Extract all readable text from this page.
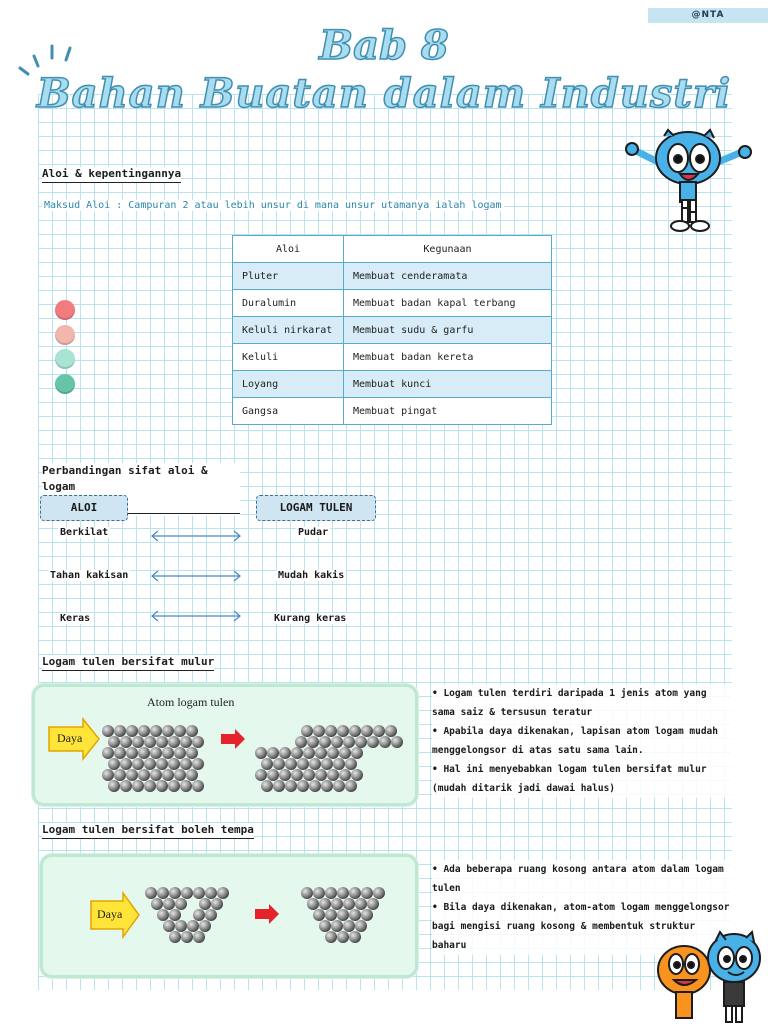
@NTA
Bab 8
Bahan Buatan dalam Industri
Aloi & kepentingannya
Maksud Aloi : Campuran 2 atau lebih unsur di mana unsur utamanya ialah logam
Aloi	Kegunaan
Pluter	Membuat cenderamata
Duralumin	Membuat badan kapal terbang
Keluli nirkarat	Membuat sudu & garfu
Keluli	Membuat badan kereta
Loyang	Membuat kunci
Gangsa	Membuat pingat
Perbandingan sifat aloi & logam
ALOI	LOGAM TULEN
Berkilat	Pudar
Tahan kakisan	Mudah kakis
Keras	Kurang keras
Logam tulen bersifat mulur
Atom logam tulen
Daya

• Logam tulen terdiri daripada 1 jenis atom yang sama saiz & tersusun teratur

• Apabila daya dikenakan, lapisan atom logam mudah menggelongsor di atas satu sama lain.

• Hal ini menyebabkan logam tulen bersifat mulur (mudah ditarik jadi dawai halus)

Logam tulen bersifat boleh tempa
Daya

• Ada beberapa ruang kosong antara atom dalam logam tulen

• Bila daya dikenakan, atom-atom logam menggelongsor bagi mengisi ruang kosong & membentuk struktur baharu
